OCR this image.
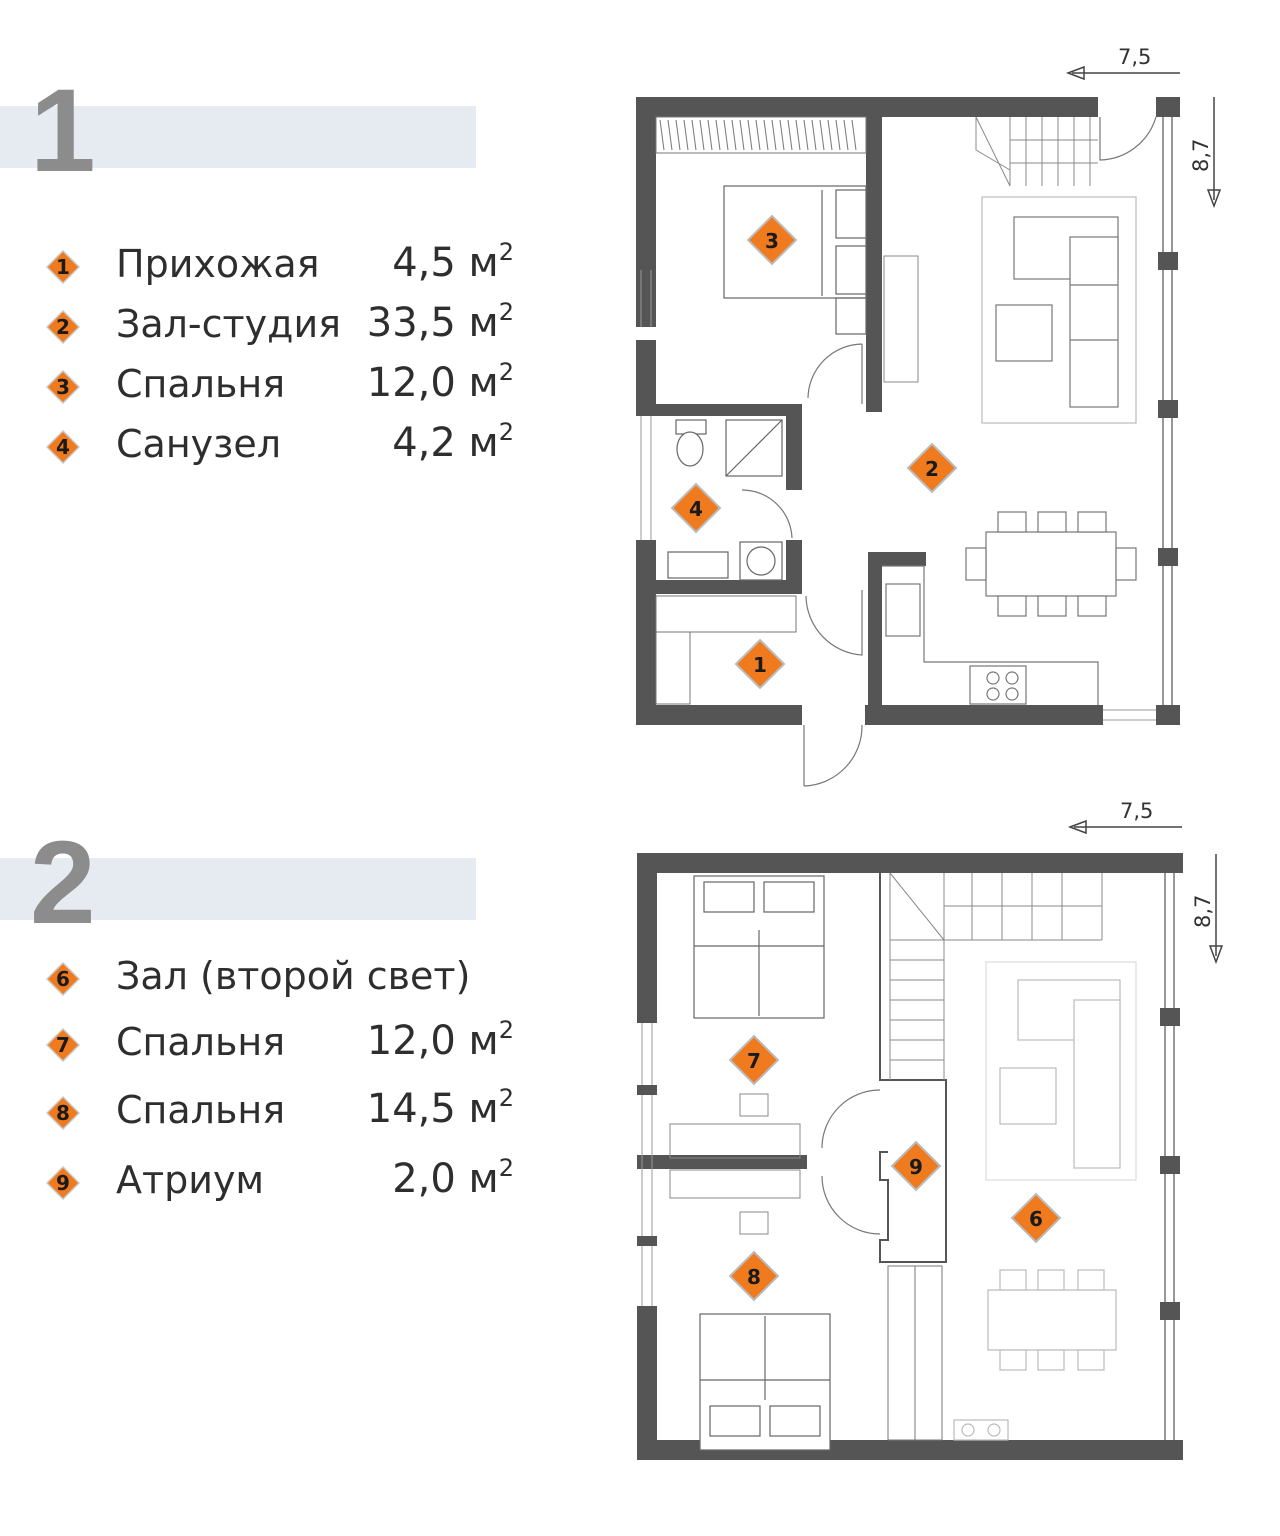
1
1 Прихожая 4,5 $м^2$
2 Зал-студия 33,5 $м^2$
3 Спальня 12,0 $м^2$
4 Санузел	4,2 $м^2$
2
6 Зал (второй свет)
7 Спальня 12,0 $м^2$
8 Спальня 14,5 $м^2$
9 Атриум	2,0 $м^2$
7,5
8,7
3
2
4
1
7,5
8,7
7
9
6
8
